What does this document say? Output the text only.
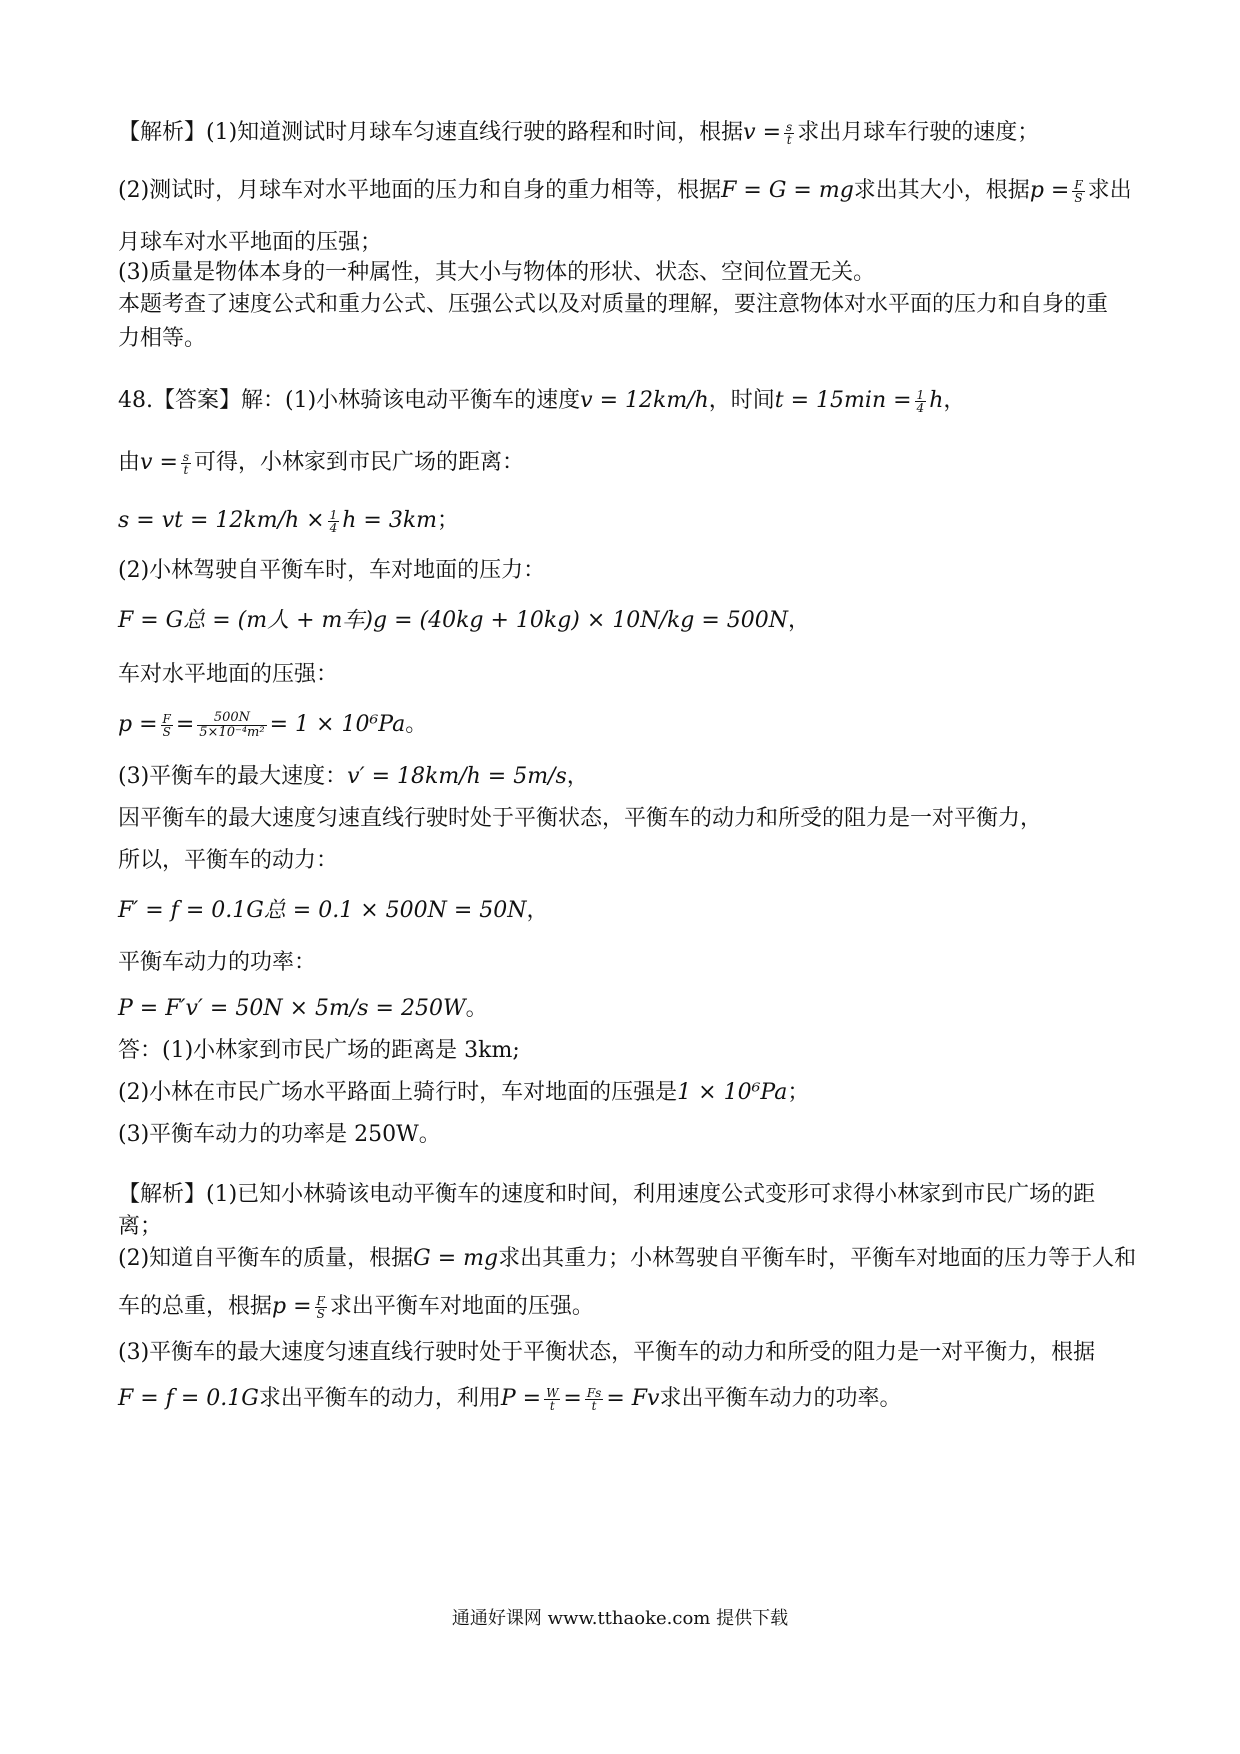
【解析】(1)知道测试时月球车匀速直线行驶的路程和时间，根据$v = \frac{s}{t}$ 求出月球车行驶的速度；
(2)测试时，月球车对水平地面的压力和自身的重力相等，根据F = G = mg求出其大小，根据$p = \frac{F}{S}$ 求出
月球车对水平地面的压强；
(3)质量是物体本身的一种属性，其大小与物体的形状、状态、空间位置无关。
本题考查了速度公式和重力公式、压强公式以及对质量的理解，要注意物体对水平面的压力和自身的重
力相等。
48.【答案】解：(1)小林骑该电动平衡车的速度v = 12km/h，时间$t = 15\min = \frac{1}{4}$ h，
由$v = \frac{s}{t}$ 可得，小林家到市民广场的距离：
s = vt = $12km/h \times \frac{1}{4}$ h = 3km；
(2)小林驾驶自平衡车时，车对地面的压力：
F = G总 = (m人 + m车)g = (40kg + 10kg) × 10N/kg = 500N，
车对水平地面的压强：
$p = \frac{F}{S} = \frac{500N}{\text{5×10⁻⁴m²}} = 1 \times 10^6Pa$。
(3)平衡车的最大速度：v′ = 18km/h = 5m/s，
因平衡车的最大速度匀速直线行驶时处于平衡状态，平衡车的动力和所受的阻力是一对平衡力，
所以，平衡车的动力：
F′ = f = 0.1G总 = 0.1 × 500N = 50N，
平衡车动力的功率：
P = F′v′ = 50N × 5m/s = 250W。
答：(1)小林家到市民广场的距离是 3km;
(2)小林在市民广场水平路面上骑行时，车对地面的压强是1 × 10⁶Pa；
(3)平衡车动力的功率是 250W。
【解析】(1)已知小林骑该电动平衡车的速度和时间，利用速度公式变形可求得小林家到市民广场的距
离；
(2)知道自平衡车的质量，根据G = mg求出其重力；小林驾驶自平衡车时，平衡车对地面的压力等于人和
车的总重，根据$p = \frac{F}{S}$ 求出平衡车对地面的压强。
(3)平衡车的最大速度匀速直线行驶时处于平衡状态，平衡车的动力和所受的阻力是一对平衡力，根据
F = f = 0.1G求出平衡车的动力，利用$P = \frac{W}{t} = \frac{Fs}{t} = Fv$求出平衡车动力的功率。
通通好课网 www.tthaoke.com 提供下载
